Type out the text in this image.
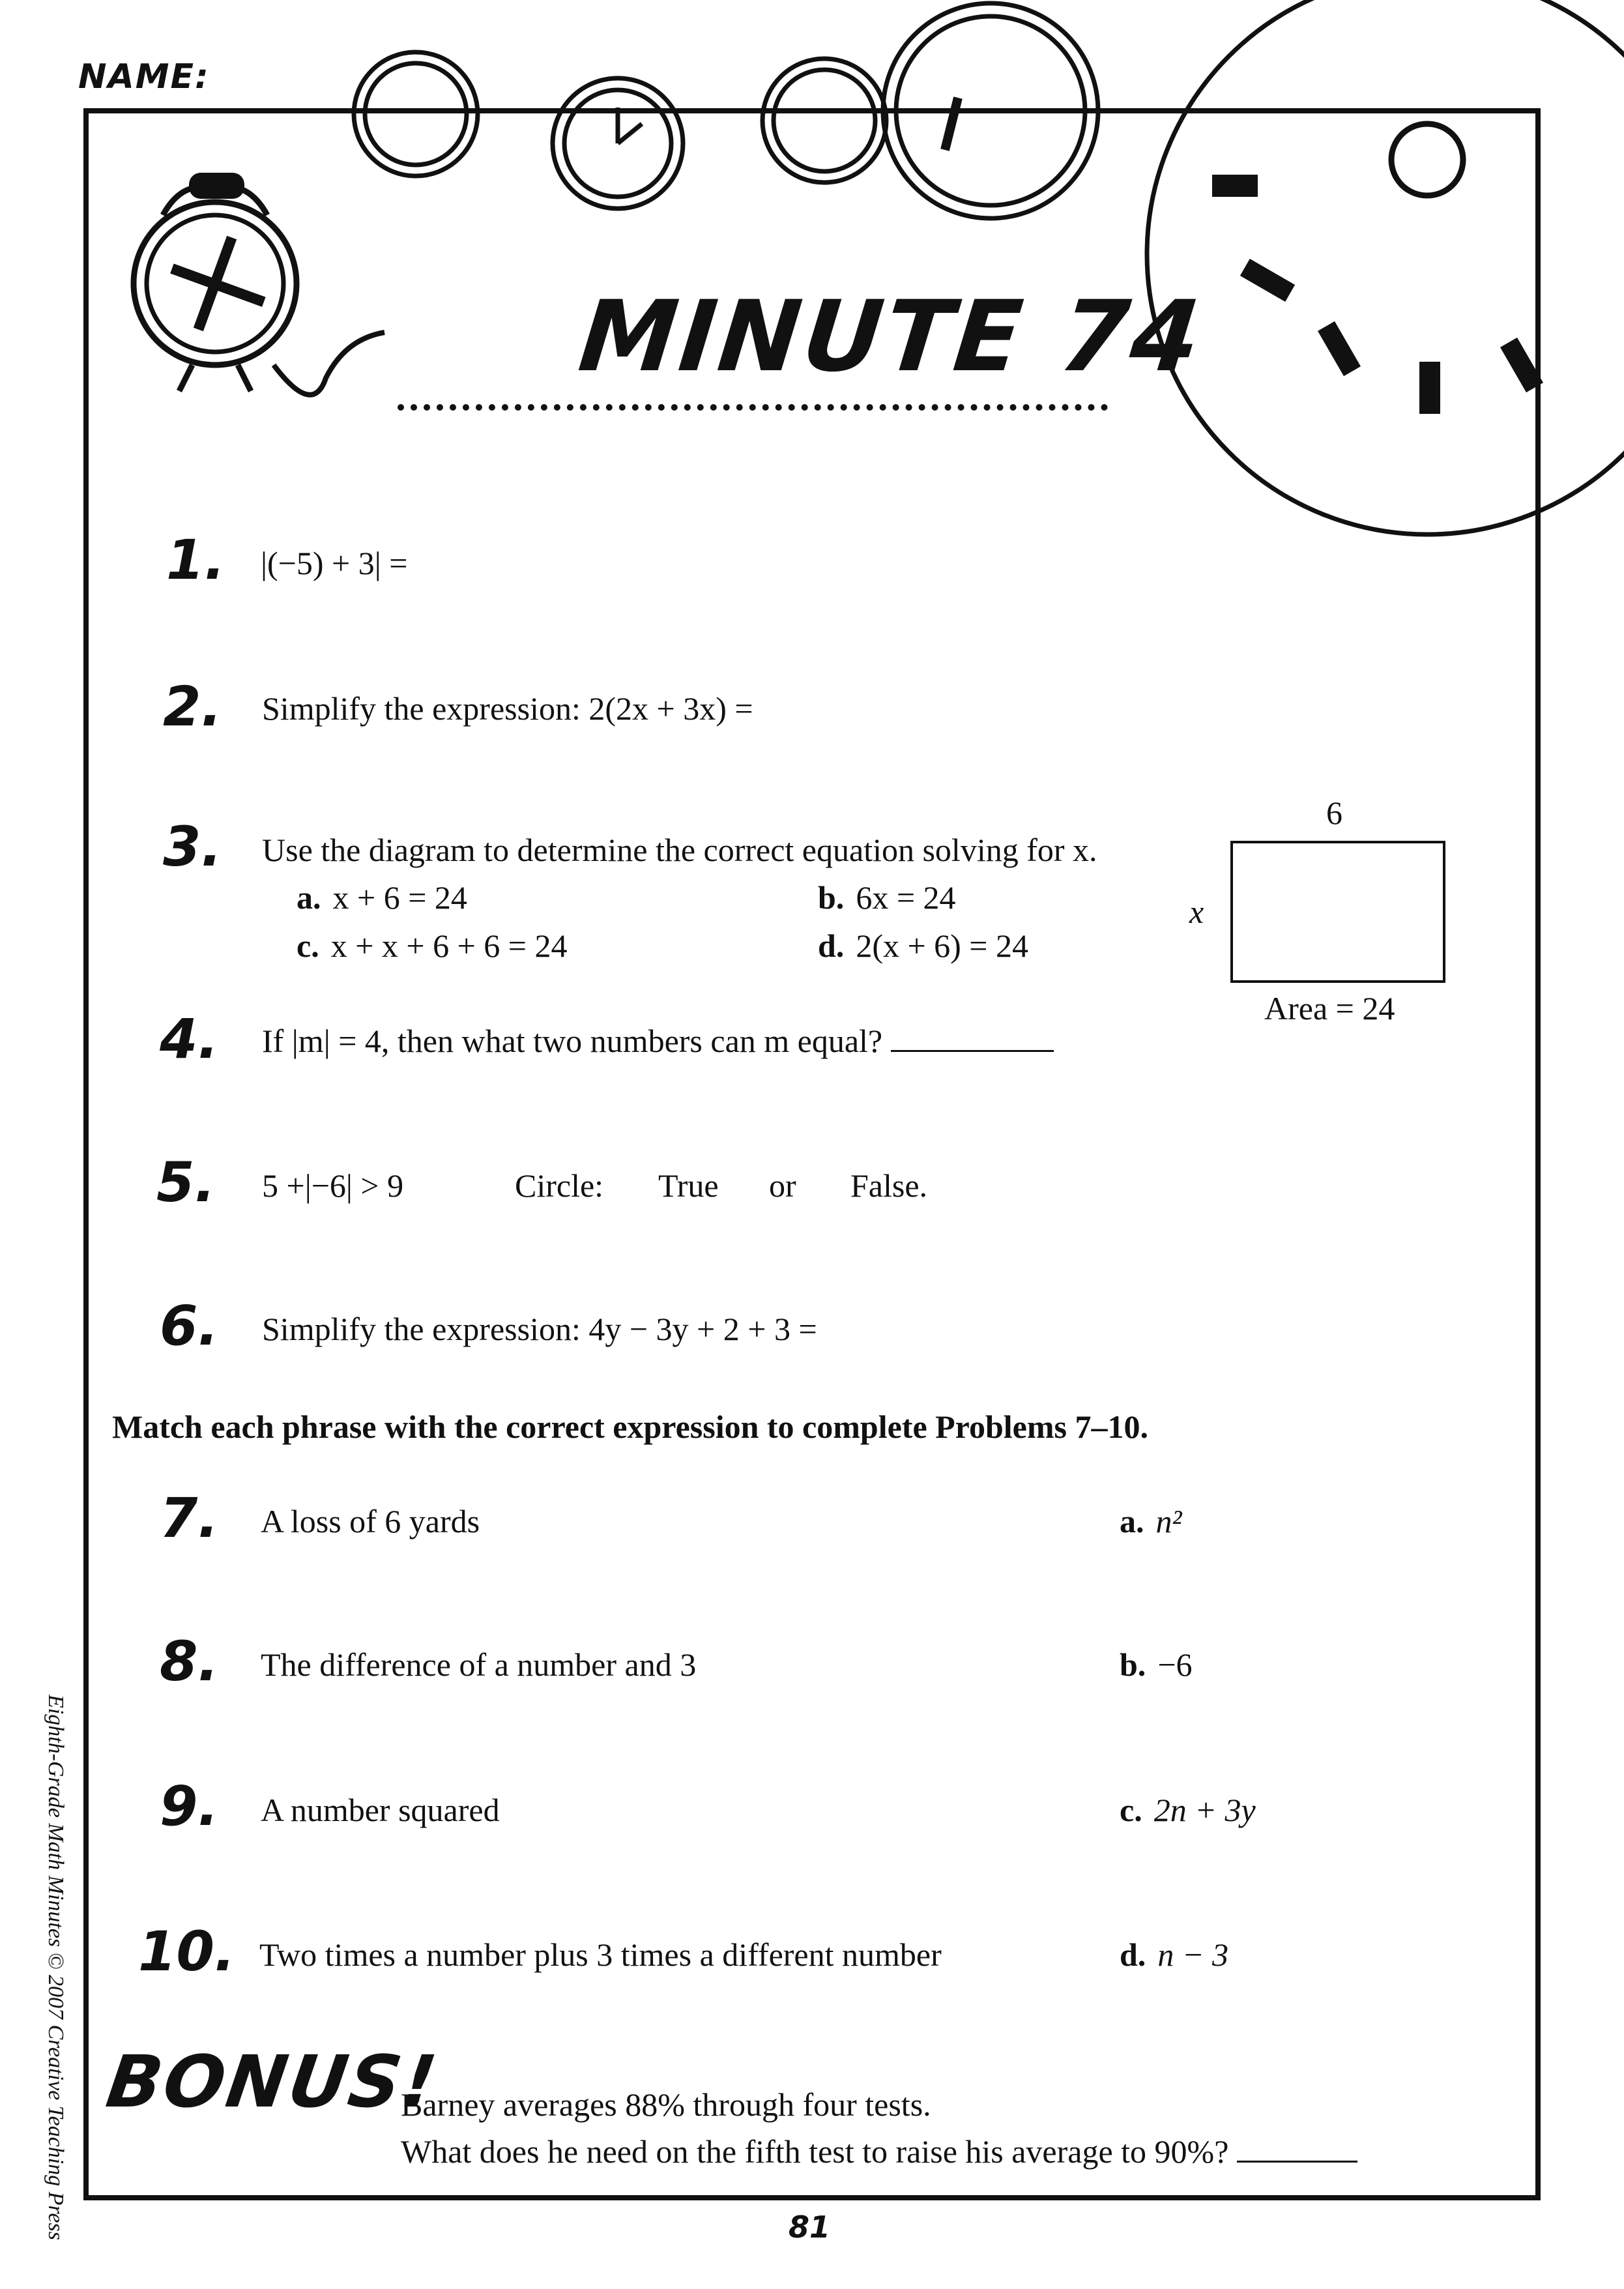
NAME:
MINUTE 74
1.	|(−5) + 3| =
2.	Simplify the expression: 2(2x + 3x) =
3.	Use the diagram to determine the correct equation solving for x.
a. x + 6 = 24	b. 6x = 24
c. x + x + 6 + 6 = 24	d. 2(x + 6) = 24
6
x
Area = 24
4.	If |m| = 4, then what two numbers can m equal?
5.	5 +|−6| > 9	Circle: True or False.
6.	Simplify the expression: 4y − 3y + 2 + 3 =
Match each phrase with the correct expression to complete Problems 7–10.
7.	A loss of 6 yards	a. n²
8.	The difference of a number and 3	b. −6
9.	A number squared	c. 2n + 3y
10. Two times a number plus 3 times a different number	d. n − 3
BONUS!
Barney averages 88% through four tests.
What does he need on the fifth test to raise his average to 90%?
Eighth-Grade Math Minutes © 2007 Creative Teaching Press	81
